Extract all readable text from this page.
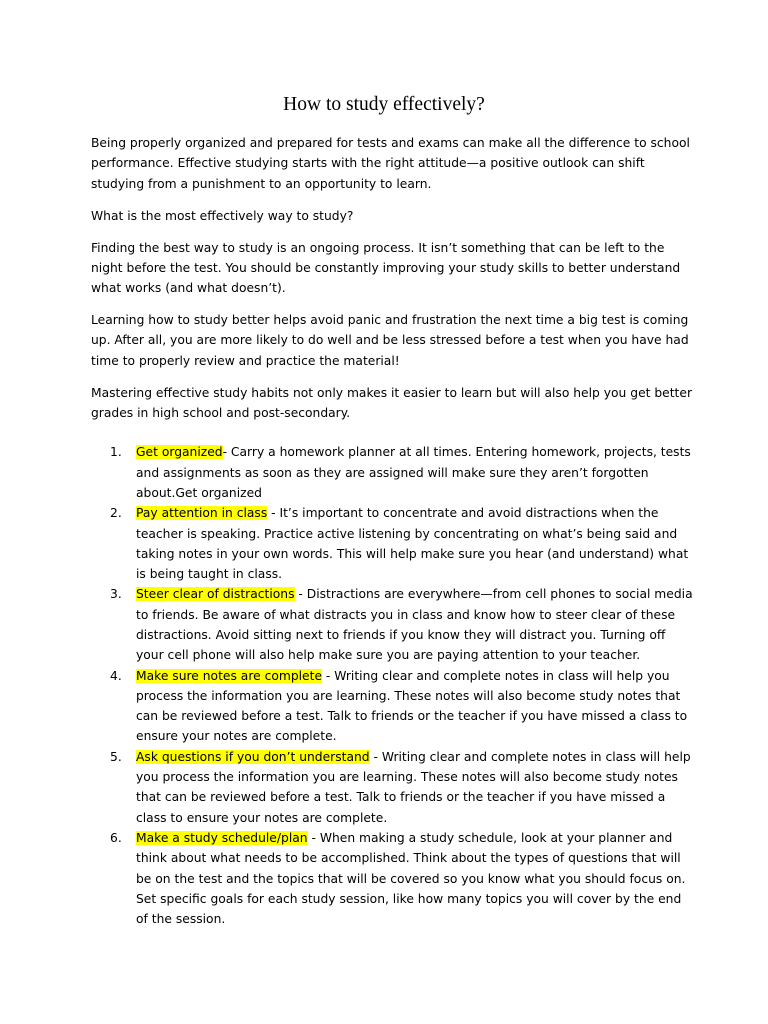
How to study effectively?

Being properly organized and prepared for tests and exams can make all the difference to school performance. Effective studying starts with the right attitude—a positive outlook can shift studying from a punishment to an opportunity to learn.

What is the most effectively way to study?

Finding the best way to study is an ongoing process. It isn’t something that can be left to the night before the test. You should be constantly improving your study skills to better understand what works (and what doesn’t).

Learning how to study better helps avoid panic and frustration the next time a big test is coming up. After all, you are more likely to do well and be less stressed before a test when you have had time to properly review and practice the material!

Mastering effective study habits not only makes it easier to learn but will also help you get better grades in high school and post-secondary.

1. Get organized- Carry a homework planner at all times. Entering homework, projects, tests and assignments as soon as they are assigned will make sure they aren’t forgotten about.Get organized
2. Pay attention in class - It’s important to concentrate and avoid distractions when the teacher is speaking. Practice active listening by concentrating on what’s being said and taking notes in your own words. This will help make sure you hear (and understand) what is being taught in class.
3. Steer clear of distractions - Distractions are everywhere—from cell phones to social media to friends. Be aware of what distracts you in class and know how to steer clear of these distractions. Avoid sitting next to friends if you know they will distract you. Turning off your cell phone will also help make sure you are paying attention to your teacher.
4. Make sure notes are complete - Writing clear and complete notes in class will help you process the information you are learning. These notes will also become study notes that can be reviewed before a test. Talk to friends or the teacher if you have missed a class to ensure your notes are complete.
5. Ask questions if you don’t understand - Writing clear and complete notes in class will help you process the information you are learning. These notes will also become study notes that can be reviewed before a test. Talk to friends or the teacher if you have missed a class to ensure your notes are complete.
6. Make a study schedule/plan - When making a study schedule, look at your planner and think about what needs to be accomplished. Think about the types of questions that will be on the test and the topics that will be covered so you know what you should focus on. Set specific goals for each study session, like how many topics you will cover by the end of the session.
